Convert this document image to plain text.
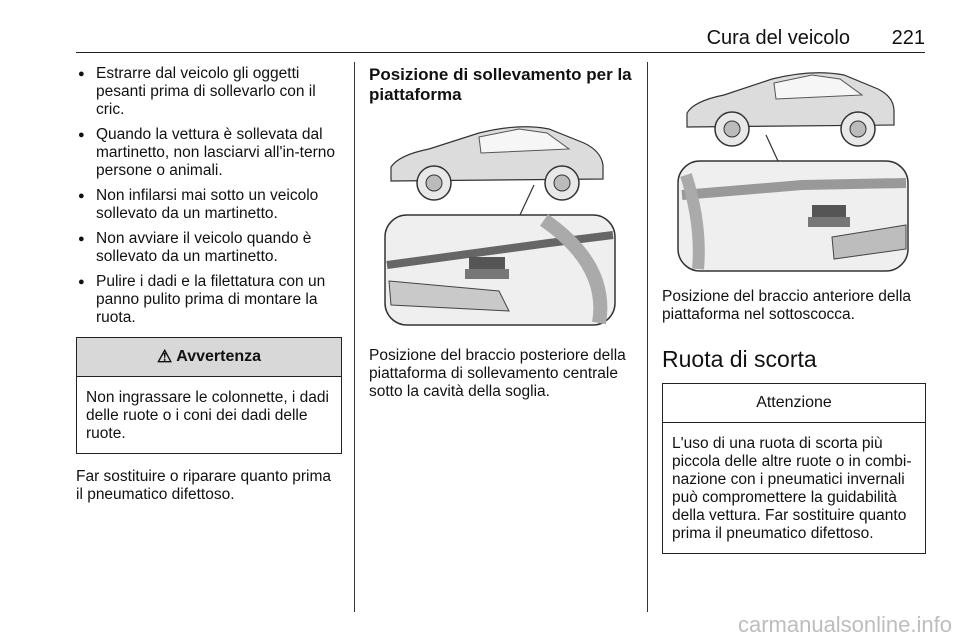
Cura del veicolo 221
● Estrarre dal veicolo gli oggetti pesanti prima di sollevarlo con il cric.
● Quando la vettura è sollevata dal martinetto, non lasciarvi all'in-terno persone o animali.
● Non infilarsi mai sotto un veicolo sollevato da un martinetto.
● Non avviare il veicolo quando è sollevato da un martinetto.
● Pulire i dadi e la filettatura con un panno pulito prima di montare la ruota.
⚠ Avvertenza
Non ingrassare le colonnette, i dadi delle ruote o i coni dei dadi delle ruote.

Far sostituire o riparare quanto prima il pneumatico difettoso.

Posizione di sollevamento per la piattaforma

Posizione del braccio posteriore della piattaforma di sollevamento centrale sotto la cavità della soglia.

Posizione del braccio anteriore della piattaforma nel sottoscocca.

Ruota di scorta
Attenzione
L'uso di una ruota di scorta più piccola delle altre ruote o in combi-nazione con i pneumatici invernali può compromettere la guidabilità della vettura. Far sostituire quanto prima il pneumatico difettoso.
carmanualsonline.info
